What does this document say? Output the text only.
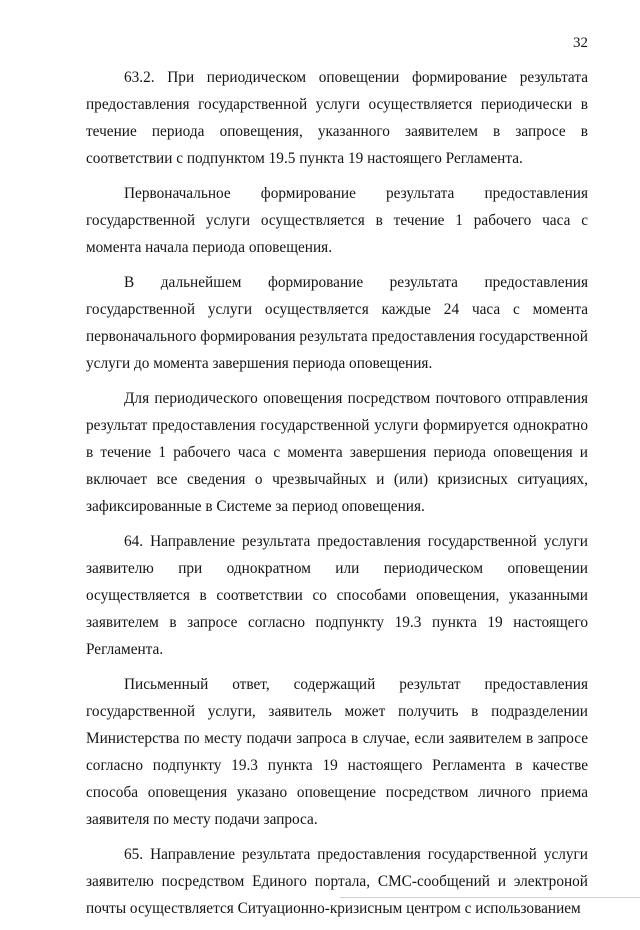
32

63.2. При периодическом оповещении формирование результата предоставления государственной услуги осуществляется периодически в течение периода оповещения, указанного заявителем в запросе в соответствии с подпунктом 19.5 пункта 19 настоящего Регламента.

Первоначальное формирование результата предоставления государственной услуги осуществляется в течение 1 рабочего часа с момента начала периода оповещения.

В дальнейшем формирование результата предоставления государственной услуги осуществляется каждые 24 часа с момента первоначального формирования результата предоставления государственной услуги до момента завершения периода оповещения.

Для периодического оповещения посредством почтового отправления результат предоставления государственной услуги формируется однократно в течение 1 рабочего часа с момента завершения периода оповещения и включает все сведения о чрезвычайных и (или) кризисных ситуациях, зафиксированные в Системе за период оповещения.

64. Направление результата предоставления государственной услуги заявителю при однократном или периодическом оповещении осуществляется в соответствии со способами оповещения, указанными заявителем в запросе согласно подпункту 19.3 пункта 19 настоящего Регламента.

Письменный ответ, содержащий результат предоставления государственной услуги, заявитель может получить в подразделении Министерства по месту подачи запроса в случае, если заявителем в запросе согласно подпункту 19.3 пункта 19 настоящего Регламента в качестве способа оповещения указано оповещение посредством личного приема заявителя по месту подачи запроса.

65. Направление результата предоставления государственной услуги заявителю посредством Единого портала, СМС-сообщений и электроной почты осуществляется Ситуационно-кризисным центром с использованием
